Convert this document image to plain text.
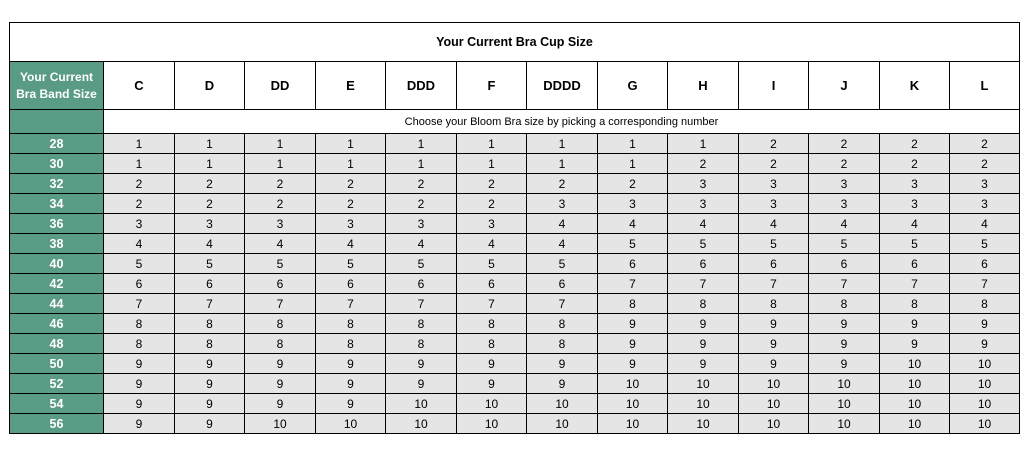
Your Current Bra Cup Size													

Your Current
Bra Band Size	C	D	DD	E	DDD	F	DDDD	G	H	I	J	K	L
	Choose your Bloom Bra size by picking a corresponding number												
28	1	1	1	1	1	1	1	1	1	2	2	2	2
30	1	1	1	1	1	1	1	1	2	2	2	2	2
32	2	2	2	2	2	2	2	2	3	3	3	3	3
34	2	2	2	2	2	2	3	3	3	3	3	3	3
36	3	3	3	3	3	3	4	4	4	4	4	4	4
38	4	4	4	4	4	4	4	5	5	5	5	5	5
40	5	5	5	5	5	5	5	6	6	6	6	6	6
42	6	6	6	6	6	6	6	7	7	7	7	7	7
44	7	7	7	7	7	7	7	8	8	8	8	8	8
46	8	8	8	8	8	8	8	9	9	9	9	9	9
48	8	8	8	8	8	8	8	9	9	9	9	9	9
50	9	9	9	9	9	9	9	9	9	9	9	10	10
52	9	9	9	9	9	9	9	10	10	10	10	10	10
54	9	9	9	9	10	10	10	10	10	10	10	10	10
56	9	9	10	10	10	10	10	10	10	10	10	10	10
